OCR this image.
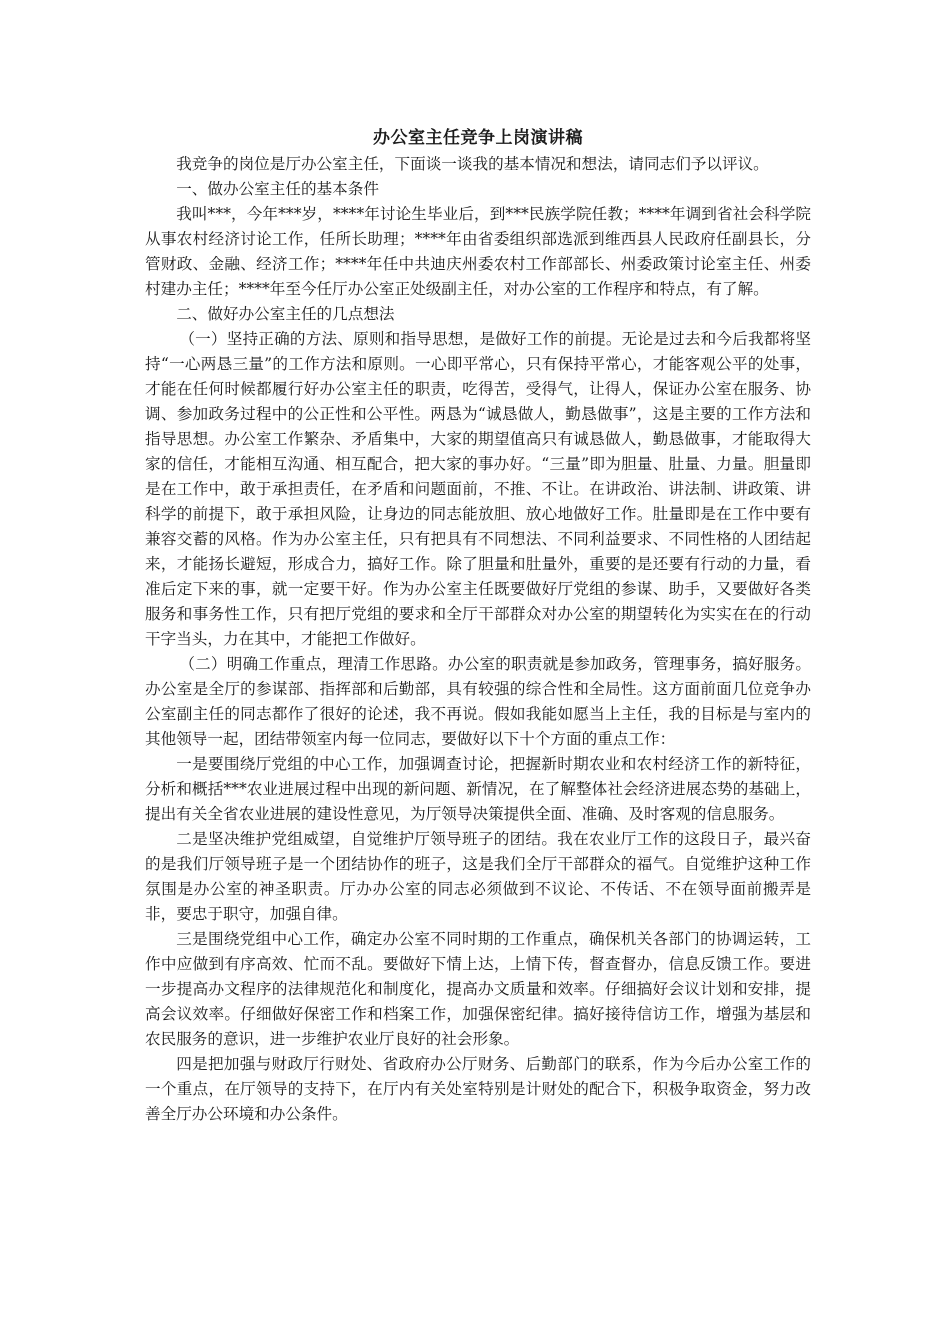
办公室主任竞争上岗演讲稿

我竞争的岗位是厅办公室主任，下面谈一谈我的基本情况和想法，请同志们予以评议。

一、做办公室主任的基本条件

我叫***，今年***岁，****年讨论生毕业后，到***民族学院任教；****年调到省社会科学院从事农村经济讨论工作，任所长助理；****年由省委组织部选派到维西县人民政府任副县长，分管财政、金融、经济工作；****年任中共迪庆州委农村工作部部长、州委政策讨论室主任、州委村建办主任；****年至今任厅办公室正处级副主任，对办公室的工作程序和特点，有了解。

二、做好办公室主任的几点想法

（一）坚持正确的方法、原则和指导思想，是做好工作的前提。无论是过去和今后我都将坚持“一心两恳三量”的工作方法和原则。一心即平常心，只有保持平常心，才能客观公平的处事，才能在任何时候都履行好办公室主任的职责，吃得苦，受得气，让得人，保证办公室在服务、协调、参加政务过程中的公正性和公平性。两恳为“诚恳做人，勤恳做事”，这是主要的工作方法和指导思想。办公室工作繁杂、矛盾集中，大家的期望值高只有诚恳做人，勤恳做事，才能取得大家的信任，才能相互沟通、相互配合，把大家的事办好。“三量”即为胆量、肚量、力量。胆量即是在工作中，敢于承担责任，在矛盾和问题面前，不推、不让。在讲政治、讲法制、讲政策、讲科学的前提下，敢于承担风险，让身边的同志能放胆、放心地做好工作。肚量即是在工作中要有兼容交蓄的风格。作为办公室主任，只有把具有不同想法、不同利益要求、不同性格的人团结起来，才能扬长避短，形成合力，搞好工作。除了胆量和肚量外，重要的是还要有行动的力量，看准后定下来的事，就一定要干好。作为办公室主任既要做好厅党组的参谋、助手，又要做好各类服务和事务性工作，只有把厅党组的要求和全厅干部群众对办公室的期望转化为实实在在的行动干字当头，力在其中，才能把工作做好。

（二）明确工作重点，理清工作思路。办公室的职责就是参加政务，管理事务，搞好服务。办公室是全厅的参谋部、指挥部和后勤部，具有较强的综合性和全局性。这方面前面几位竞争办公室副主任的同志都作了很好的论述，我不再说。假如我能如愿当上主任，我的目标是与室内的其他领导一起，团结带领室内每一位同志，要做好以下十个方面的重点工作：

一是要围绕厅党组的中心工作，加强调查讨论，把握新时期农业和农村经济工作的新特征，分析和概括***农业进展过程中出现的新问题、新情况，在了解整体社会经济进展态势的基础上，提出有关全省农业进展的建设性意见，为厅领导决策提供全面、准确、及时客观的信息服务。

二是坚决维护党组威望，自觉维护厅领导班子的团结。我在农业厅工作的这段日子，最兴奋的是我们厅领导班子是一个团结协作的班子，这是我们全厅干部群众的福气。自觉维护这种工作氛围是办公室的神圣职责。厅办办公室的同志必须做到不议论、不传话、不在领导面前搬弄是非，要忠于职守，加强自律。

三是围绕党组中心工作，确定办公室不同时期的工作重点，确保机关各部门的协调运转，工作中应做到有序高效、忙而不乱。要做好下情上达，上情下传，督查督办，信息反馈工作。要进一步提高办文程序的法律规范化和制度化，提高办文质量和效率。仔细搞好会议计划和安排，提高会议效率。仔细做好保密工作和档案工作，加强保密纪律。搞好接待信访工作，增强为基层和农民服务的意识，进一步维护农业厅良好的社会形象。

四是把加强与财政厅行财处、省政府办公厅财务、后勤部门的联系，作为今后办公室工作的一个重点，在厅领导的支持下，在厅内有关处室特别是计财处的配合下，积极争取资金，努力改善全厅办公环境和办公条件。
